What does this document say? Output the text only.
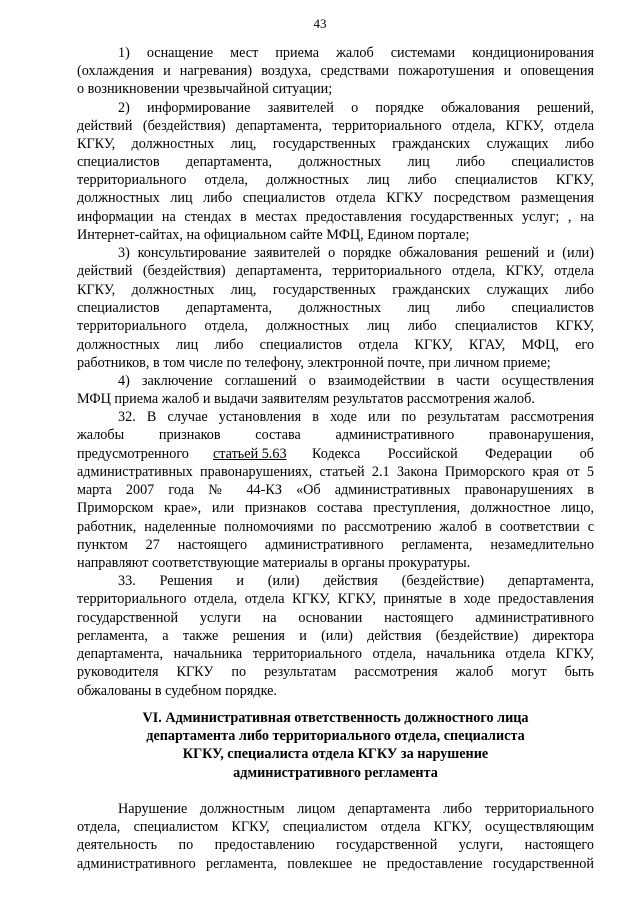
43
1) оснащение мест приема жалоб системами кондиционирования
(охлаждения и нагревания) воздуха, средствами пожаротушения и оповещения
о возникновении чрезвычайной ситуации;
2) информирование заявителей о порядке обжалования решений,
действий (бездействия) департамента, территориального отдела, КГКУ, отдела
КГКУ, должностных лиц, государственных гражданских служащих либо
специалистов департамента, должностных лиц либо специалистов
территориального отдела, должностных лиц либо специалистов КГКУ,
должностных лиц либо специалистов отдела КГКУ посредством размещения
информации на стендах в местах предоставления государственных услуг; , на
Интернет-сайтах, на официальном сайте МФЦ, Едином портале;
3) консультирование заявителей о порядке обжалования решений и (или)
действий (бездействия) департамента, территориального отдела, КГКУ, отдела
КГКУ, должностных лиц, государственных гражданских служащих либо
специалистов департамента, должностных лиц либо специалистов
территориального отдела, должностных лиц либо специалистов КГКУ,
должностных лиц либо специалистов отдела КГКУ, КГАУ, МФЦ, его
работников, в том числе по телефону, электронной почте, при личном приеме;
4) заключение соглашений о взаимодействии в части осуществления
МФЦ приема жалоб и выдачи заявителям результатов рассмотрения жалоб.
32. В случае установления в ходе или по результатам рассмотрения
жалобы признаков состава административного правонарушения,
предусмотренного статьей 5.63 Кодекса Российской Федерации об
административных правонарушениях, статьей 2.1 Закона Приморского края от 5
марта 2007 года № 44-КЗ «Об административных правонарушениях в
Приморском крае», или признаков состава преступления, должностное лицо,
работник, наделенные полномочиями по рассмотрению жалоб в соответствии с
пунктом 27 настоящего административного регламента, незамедлительно
направляют соответствующие материалы в органы прокуратуры.
33. Решения и (или) действия (бездействие) департамента,
территориального отдела, отдела КГКУ, КГКУ, принятые в ходе предоставления
государственной услуги на основании настоящего административного
регламента, а также решения и (или) действия (бездействие) директора
департамента, начальника территориального отдела, начальника отдела КГКУ,
руководителя КГКУ по результатам рассмотрения жалоб могут быть
обжалованы в судебном порядке.
VI. Административная ответственность должностного лица
департамента либо территориального отдела, специалиста
КГКУ, специалиста отдела КГКУ за нарушение
административного регламента
Нарушение должностным лицом департамента либо территориального
отдела, специалистом КГКУ, специалистом отдела КГКУ, осуществляющим
деятельность по предоставлению государственной услуги, настоящего
административного регламента, повлекшее не предоставление государственной
